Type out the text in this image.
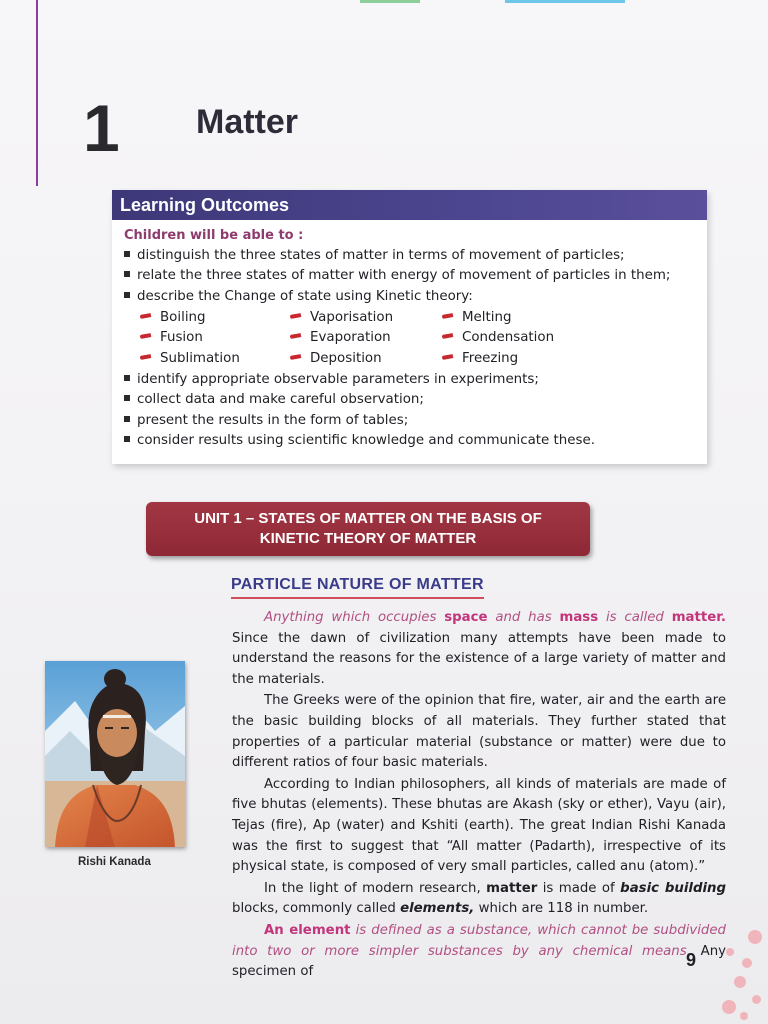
1 Matter
Learning Outcomes
Children will be able to :
distinguish the three states of matter in terms of movement of particles;
relate the three states of matter with energy of movement of particles in them;
describe the Change of state using Kinetic theory:
Boiling	Vaporisation	Melting
Fusion	Evaporation	Condensation
Sublimation	Deposition	Freezing
identify appropriate observable parameters in experiments;
collect data and make careful observation;
present the results in the form of tables;
consider results using scientific knowledge and communicate these.
UNIT 1 – STATES OF MATTER ON THE BASIS OF
KINETIC THEORY OF MATTER
PARTICLE NATURE OF MATTER

Anything which occupies space and has mass is called matter. Since the dawn of civilization many attempts have been made to understand the reasons for the existence of a large variety of matter and the materials.

The Greeks were of the opinion that fire, water, air and the earth are the basic building blocks of all materials. They further stated that properties of a particular material (substance or matter) were due to different ratios of four basic materials.

According to Indian philosophers, all kinds of materials are made of five bhutas (elements). These bhutas are Akash (sky or ether), Vayu (air), Tejas (fire), Ap (water) and Kshiti (earth). The great Indian Rishi Kanada was the first to suggest that “All matter (Padarth), irrespective of its physical state, is composed of very small particles, called anu (atom).”

In the light of modern research, matter is made of basic building blocks, commonly called elements, which are 118 in number.

An element is defined as a substance, which cannot be subdivided into two or more simpler substances by any chemical means. Any specimen of

Rishi Kanada
9
